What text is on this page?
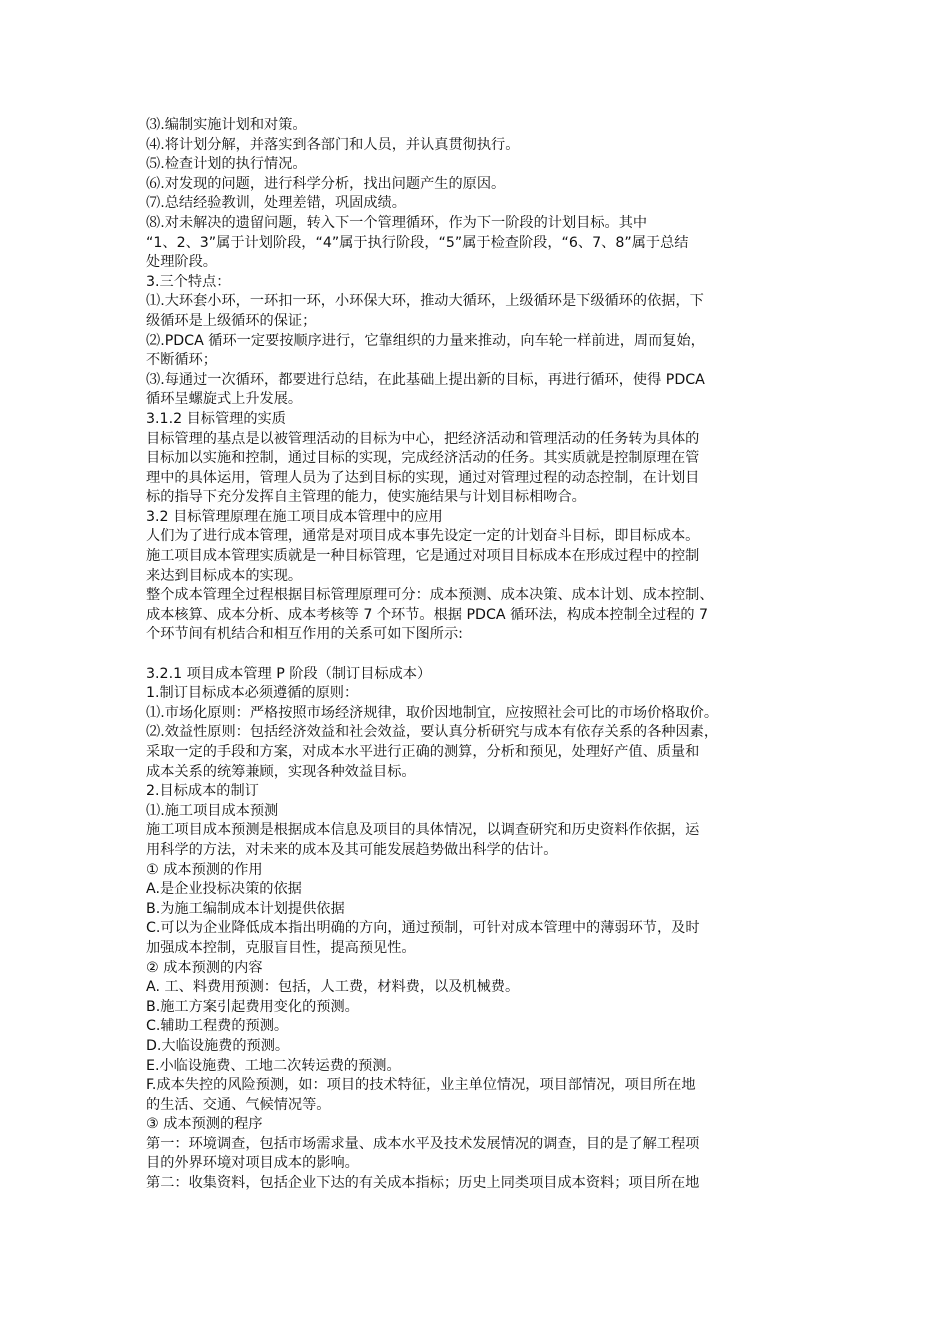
⑶.编制实施计划和对策。
⑷.将计划分解，并落实到各部门和人员，并认真贯彻执行。
⑸.检查计划的执行情况。
⑹.对发现的问题，进行科学分析，找出问题产生的原因。
⑺.总结经验教训，处理差错，巩固成绩。
⑻.对未解决的遗留问题，转入下一个管理循环，作为下一阶段的计划目标。其中
“1、2、3”属于计划阶段，“4”属于执行阶段，“5”属于检查阶段，“6、7、8”属于总结
处理阶段。
3.三个特点：
⑴.大环套小环，一环扣一环，小环保大环，推动大循环，上级循环是下级循环的依据，下
级循环是上级循环的保证；
⑵.PDCA 循环一定要按顺序进行，它靠组织的力量来推动，向车轮一样前进，周而复始，
不断循环；
⑶.每通过一次循环，都要进行总结，在此基础上提出新的目标，再进行循环，使得 PDCA
循环呈螺旋式上升发展。
3.1.2 目标管理的实质
目标管理的基点是以被管理活动的目标为中心，把经济活动和管理活动的任务转为具体的
目标加以实施和控制，通过目标的实现，完成经济活动的任务。其实质就是控制原理在管
理中的具体运用，管理人员为了达到目标的实现，通过对管理过程的动态控制，在计划目
标的指导下充分发挥自主管理的能力，使实施结果与计划目标相吻合。
3.2 目标管理原理在施工项目成本管理中的应用
人们为了进行成本管理，通常是对项目成本事先设定一定的计划奋斗目标，即目标成本。
施工项目成本管理实质就是一种目标管理，它是通过对项目目标成本在形成过程中的控制
来达到目标成本的实现。
整个成本管理全过程根据目标管理原理可分：成本预测、成本决策、成本计划、成本控制、
成本核算、成本分析、成本考核等 7 个环节。根据 PDCA 循环法，构成本控制全过程的 7
个环节间有机结合和相互作用的关系可如下图所示:
3.2.1 项目成本管理 P 阶段（制订目标成本）
1.制订目标成本必须遵循的原则：
⑴.市场化原则：严格按照市场经济规律，取价因地制宜，应按照社会可比的市场价格取价。
⑵.效益性原则：包括经济效益和社会效益，要认真分析研究与成本有依存关系的各种因素，
采取一定的手段和方案，对成本水平进行正确的测算，分析和预见，处理好产值、质量和
成本关系的统筹兼顾，实现各种效益目标。
2.目标成本的制订
⑴.施工项目成本预测
施工项目成本预测是根据成本信息及项目的具体情况，以调查研究和历史资料作依据，运
用科学的方法，对未来的成本及其可能发展趋势做出科学的估计。
① 成本预测的作用
A.是企业投标决策的依据
B.为施工编制成本计划提供依据
C.可以为企业降低成本指出明确的方向，通过预制，可针对成本管理中的薄弱环节，及时
加强成本控制，克服盲目性，提高预见性。
② 成本预测的内容
A. 工、料费用预测：包括，人工费，材料费，以及机械费。
B.施工方案引起费用变化的预测。
C.辅助工程费的预测。
D.大临设施费的预测。
E.小临设施费、工地二次转运费的预测。
F.成本失控的风险预测，如：项目的技术特征，业主单位情况，项目部情况，项目所在地
的生活、交通、气候情况等。
③ 成本预测的程序
第一：环境调查，包括市场需求量、成本水平及技术发展情况的调查，目的是了解工程项
目的外界环境对项目成本的影响。
第二：收集资料，包括企业下达的有关成本指标；历史上同类项目成本资料；项目所在地
